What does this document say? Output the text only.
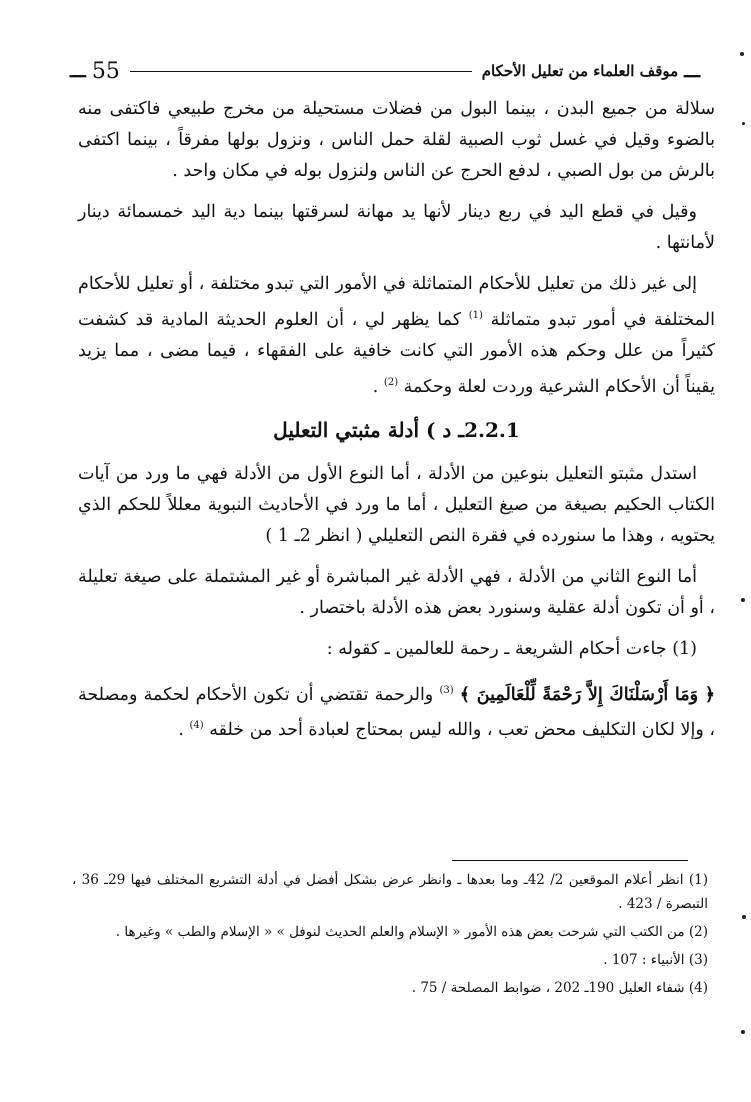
ـــ
موقف العلماء من تعليل الأحكام
55
ـــ

سلالة من جميع البدن ، بينما البول من فضلات مستحيلة من مخرج طبيعي فاكتفى منه بالضوء وقيل في غسل ثوب الصبية لقلة حمل الناس ، ونزول بولها مفرقاً ، بينما اكتفى بالرش من بول الصبي ، لدفع الحرج عن الناس ولنزول بوله في مكان واحد .

وقيل في قطع اليد في ربع دينار لأنها يد مهانة لسرقتها بينما دية اليد خمسمائة دينار لأمانتها .

إلى غير ذلك من تعليل للأحكام المتماثلة في الأمور التي تبدو مختلفة ، أو تعليل للأحكام المختلفة في أمور تبدو متماثلة $^{(1)}$ كما يظهر لي ، أن العلوم الحديثة المادية قد كشفت كثيراً من علل وحكم هذه الأمور التي كانت خافية على الفقهاء ، فيما مضى ، مما يزيد يقيناً أن الأحكام الشرعية وردت لعلة وحكمة $^{(2)}$ .

2.2.1ـ د ) أدلة مثبتي التعليل

استدل مثبتو التعليل بنوعين من الأدلة ، أما النوع الأول من الأدلة فهي ما ورد من آيات الكتاب الحكيم بصيغة من صيغ التعليل ، أما ما ورد في الأحاديث النبوية معللاً للحكم الذي يحتويه ، وهذا ما سنورده في فقرة النص التعليلي ( انظر 2ـ 1 )

أما النوع الثاني من الأدلة ، فهي الأدلة غير المباشرة أو غير المشتملة على صيغة تعليلة ، أو أن تكون أدلة عقلية وسنورد بعض هذه الأدلة باختصار .

(1) جاءت أحكام الشريعة ـ رحمة للعالمين ـ كقوله :

﴿ وَمَا أَرْسَلْنَاكَ إِلاَّ رَحْمَةً لِّلْعَالَمِينَ ﴾ $^{(3)}$ والرحمة تقتضي أن تكون الأحكام لحكمة ومصلحة ، وإلا لكان التكليف محض تعب ، والله ليس بمحتاج لعبادة أحد من خلقه $^{(4)}$ .

(1) انظر أعلام الموقعين 2/ 42ـ وما بعدها ـ وانظر عرض بشكل أفضل في أدلة التشريع المختلف فيها 29ـ 36 ، التبصرة / 423 .

(2) من الكتب التي شرحت بعض هذه الأمور « الإسلام والعلم الحديث لنوفل » « الإسلام والطب » وغيرها .

(3) الأنبياء : 107 .

(4) شفاء العليل 190ـ 202 ، ضوابط المصلحة / 75 .
